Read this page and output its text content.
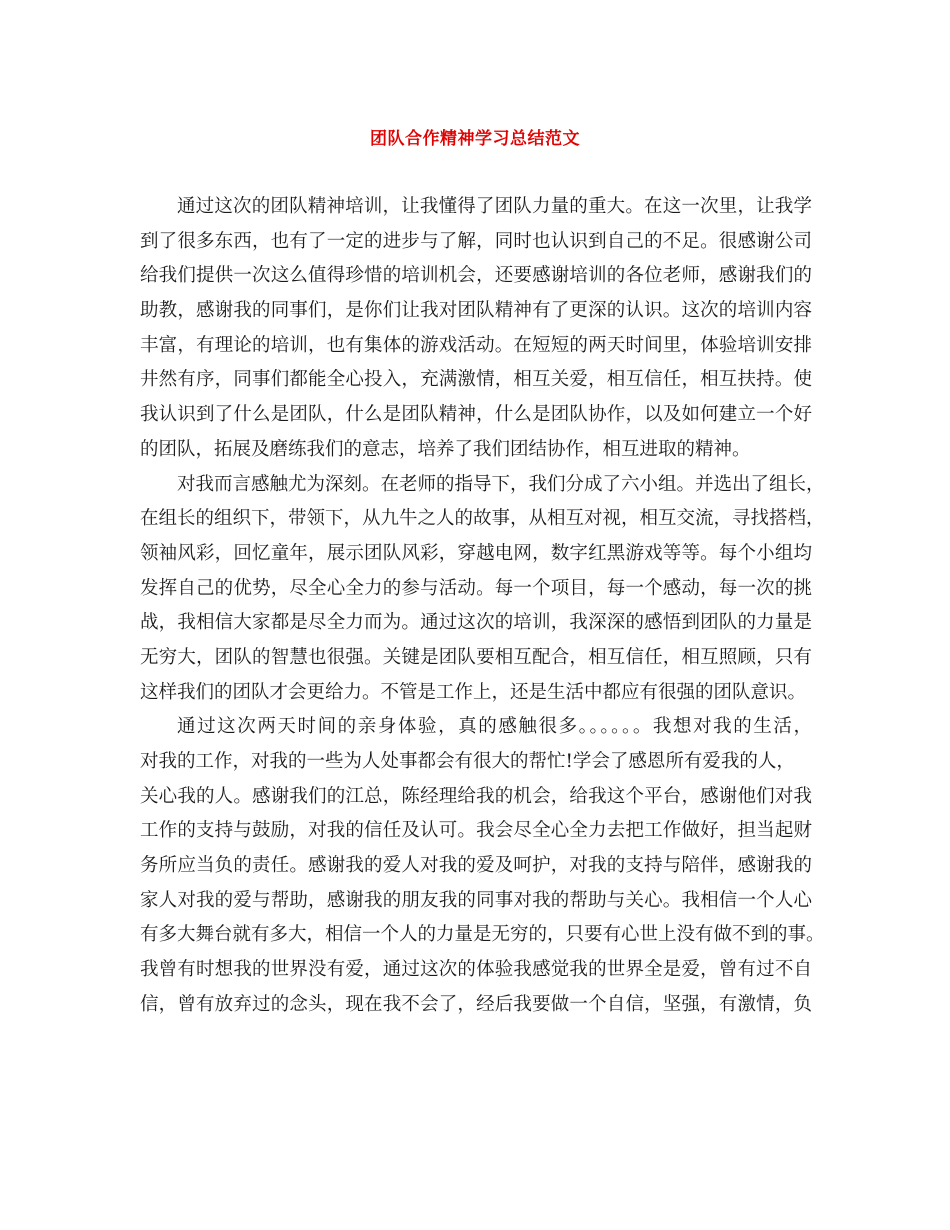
团队合作精神学习总结范文
通过这次的团队精神培训，让我懂得了团队力量的重大。在这一次里，让我学
到了很多东西，也有了一定的进步与了解，同时也认识到自己的不足。很感谢公司
给我们提供一次这么值得珍惜的培训机会，还要感谢培训的各位老师，感谢我们的
助教，感谢我的同事们，是你们让我对团队精神有了更深的认识。这次的培训内容
丰富，有理论的培训，也有集体的游戏活动。在短短的两天时间里，体验培训安排
井然有序，同事们都能全心投入，充满激情，相互关爱，相互信任，相互扶持。使
我认识到了什么是团队，什么是团队精神，什么是团队协作，以及如何建立一个好
的团队，拓展及磨练我们的意志，培养了我们团结协作，相互进取的精神。
对我而言感触尤为深刻。在老师的指导下，我们分成了六小组。并选出了组长，
在组长的组织下，带领下，从九牛之人的故事，从相互对视，相互交流，寻找搭档，
领袖风彩，回忆童年，展示团队风彩，穿越电网，数字红黑游戏等等。每个小组均
发挥自己的优势，尽全心全力的参与活动。每一个项目，每一个感动，每一次的挑
战，我相信大家都是尽全力而为。通过这次的培训，我深深的感悟到团队的力量是
无穷大，团队的智慧也很强。关键是团队要相互配合，相互信任，相互照顾，只有
这样我们的团队才会更给力。不管是工作上，还是生活中都应有很强的团队意识。
通过这次两天时间的亲身体验，真的感触很多。。。。。。我想对我的生活，
对我的工作，对我的一些为人处事都会有很大的帮忙!学会了感恩所有爱我的人，
关心我的人。感谢我们的江总，陈经理给我的机会，给我这个平台，感谢他们对我
工作的支持与鼓励，对我的信任及认可。我会尽全心全力去把工作做好，担当起财
务所应当负的责任。感谢我的爱人对我的爱及呵护，对我的支持与陪伴，感谢我的
家人对我的爱与帮助，感谢我的朋友我的同事对我的帮助与关心。我相信一个人心
有多大舞台就有多大，相信一个人的力量是无穷的，只要有心世上没有做不到的事。
我曾有时想我的世界没有爱，通过这次的体验我感觉我的世界全是爱，曾有过不自
信，曾有放弃过的念头，现在我不会了，经后我要做一个自信，坚强，有激情，负
